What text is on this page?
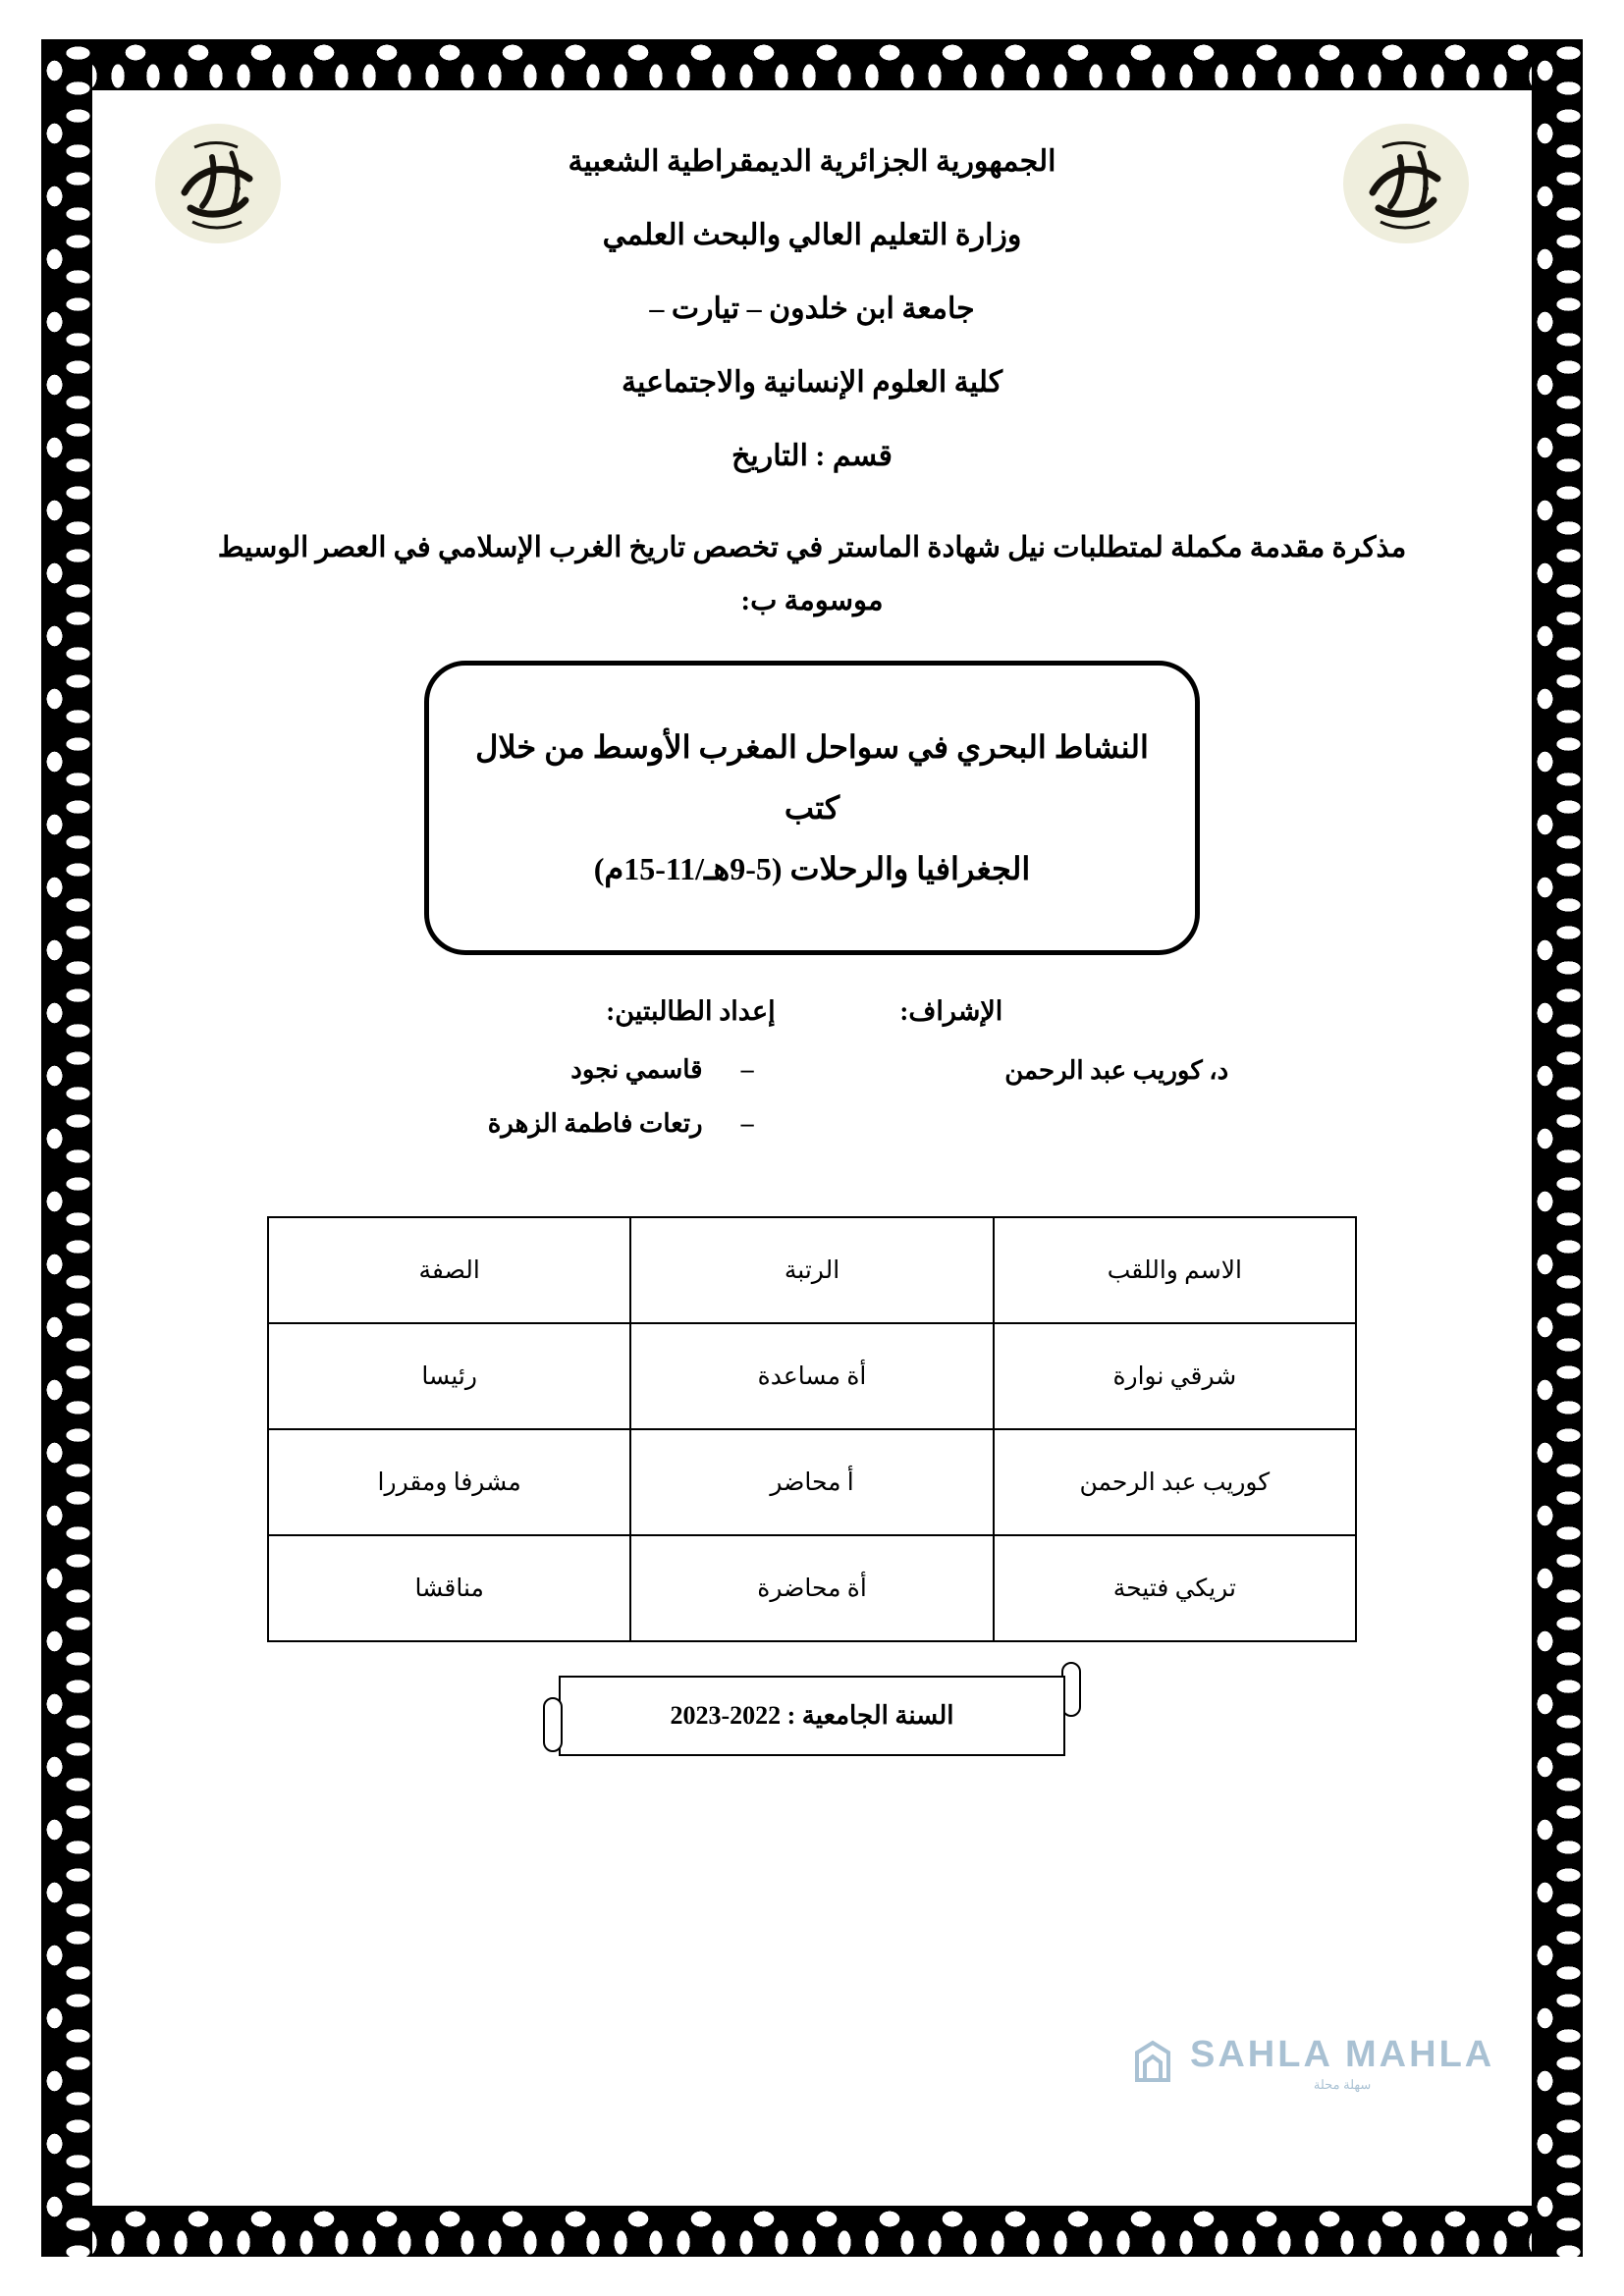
الجمهورية الجزائرية الديمقراطية الشعبية
وزارة التعليم العالي والبحث العلمي
جامعة ابن خلدون – تيارت –
كلية العلوم الإنسانية والاجتماعية
قسم : التاريخ
مذكرة مقدمة مكملة لمتطلبات نيل شهادة الماستر في تخصص تاريخ الغرب الإسلامي في العصر الوسيط موسومة ب:
النشاط البحري في سواحل المغرب الأوسط من خلال كتب
الجغرافيا والرحلات (5-9هـ/11-15م)
الإشراف:
د، كوريب عبد الرحمن
إعداد الطالبتين:
–
قاسمي نجود
–
رتعات فاطمة الزهرة
الاسم واللقب	الرتبة	الصفة
شرقي نوارة	أة مساعدة	رئيسا
كوريب عبد الرحمن	أ محاضر	مشرفا ومقررا
تريكي فتيحة	أة محاضرة	مناقشا
السنة الجامعية : 2022-2023
SAHLA MAHLA
سهلة محلة
